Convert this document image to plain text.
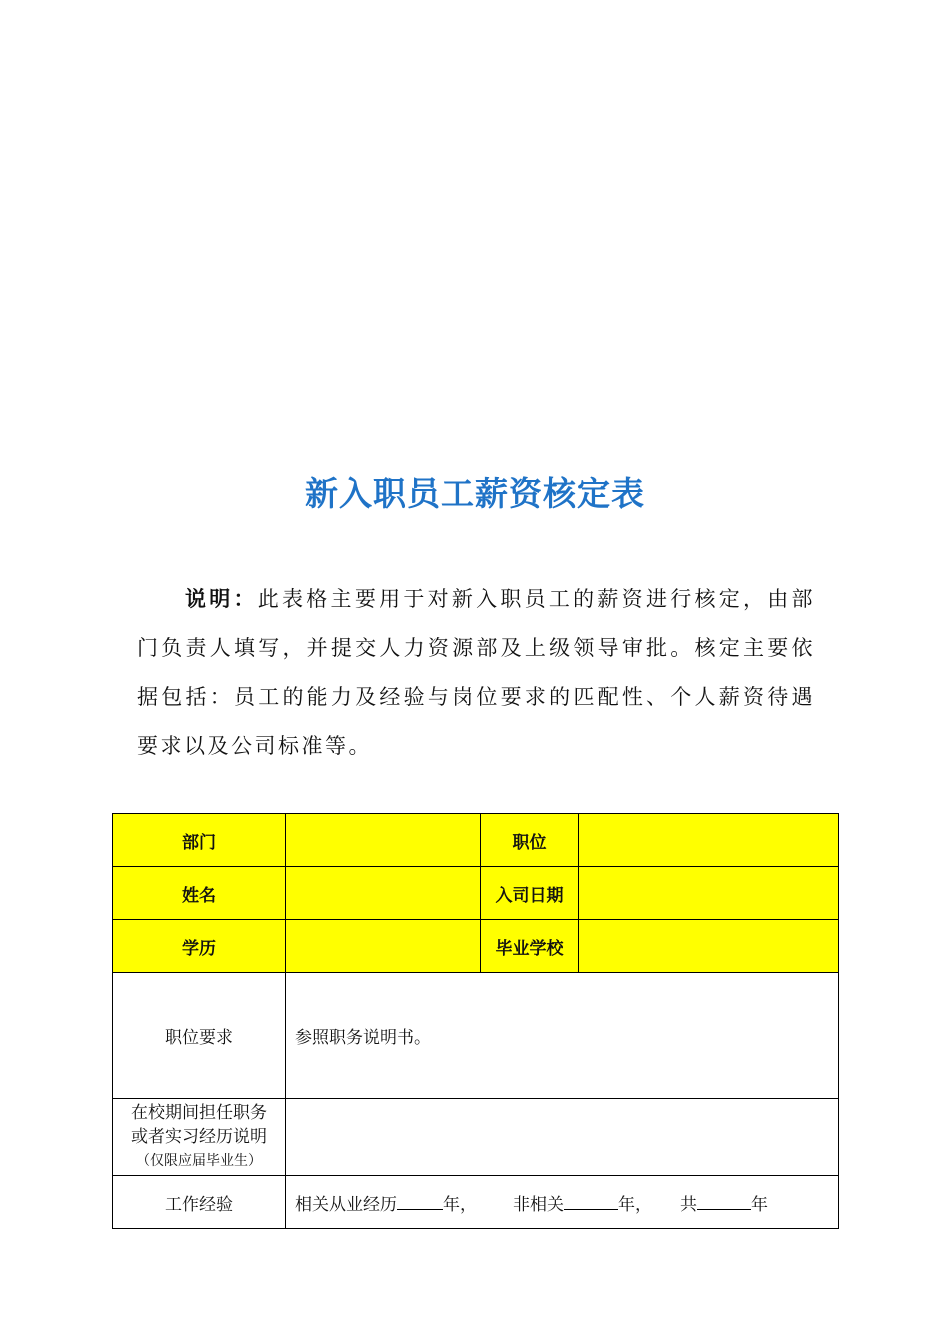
新入职员工薪资核定表
说明：此表格主要用于对新入职员工的薪资进行核定，由部门负责人填写，并提交人力资源部及上级领导审批。核定主要依据包括：员工的能力及经验与岗位要求的匹配性、个人薪资待遇要求以及公司标准等。
部门		职位	
姓名		入司日期	
学历		毕业学校	
职位要求	参照职务说明书。		

在校期间担任职务
或者实习经历说明
（仅限应届毕业生）			

工作经验	相关从业经历 年， 非相关 年， 共 年		
